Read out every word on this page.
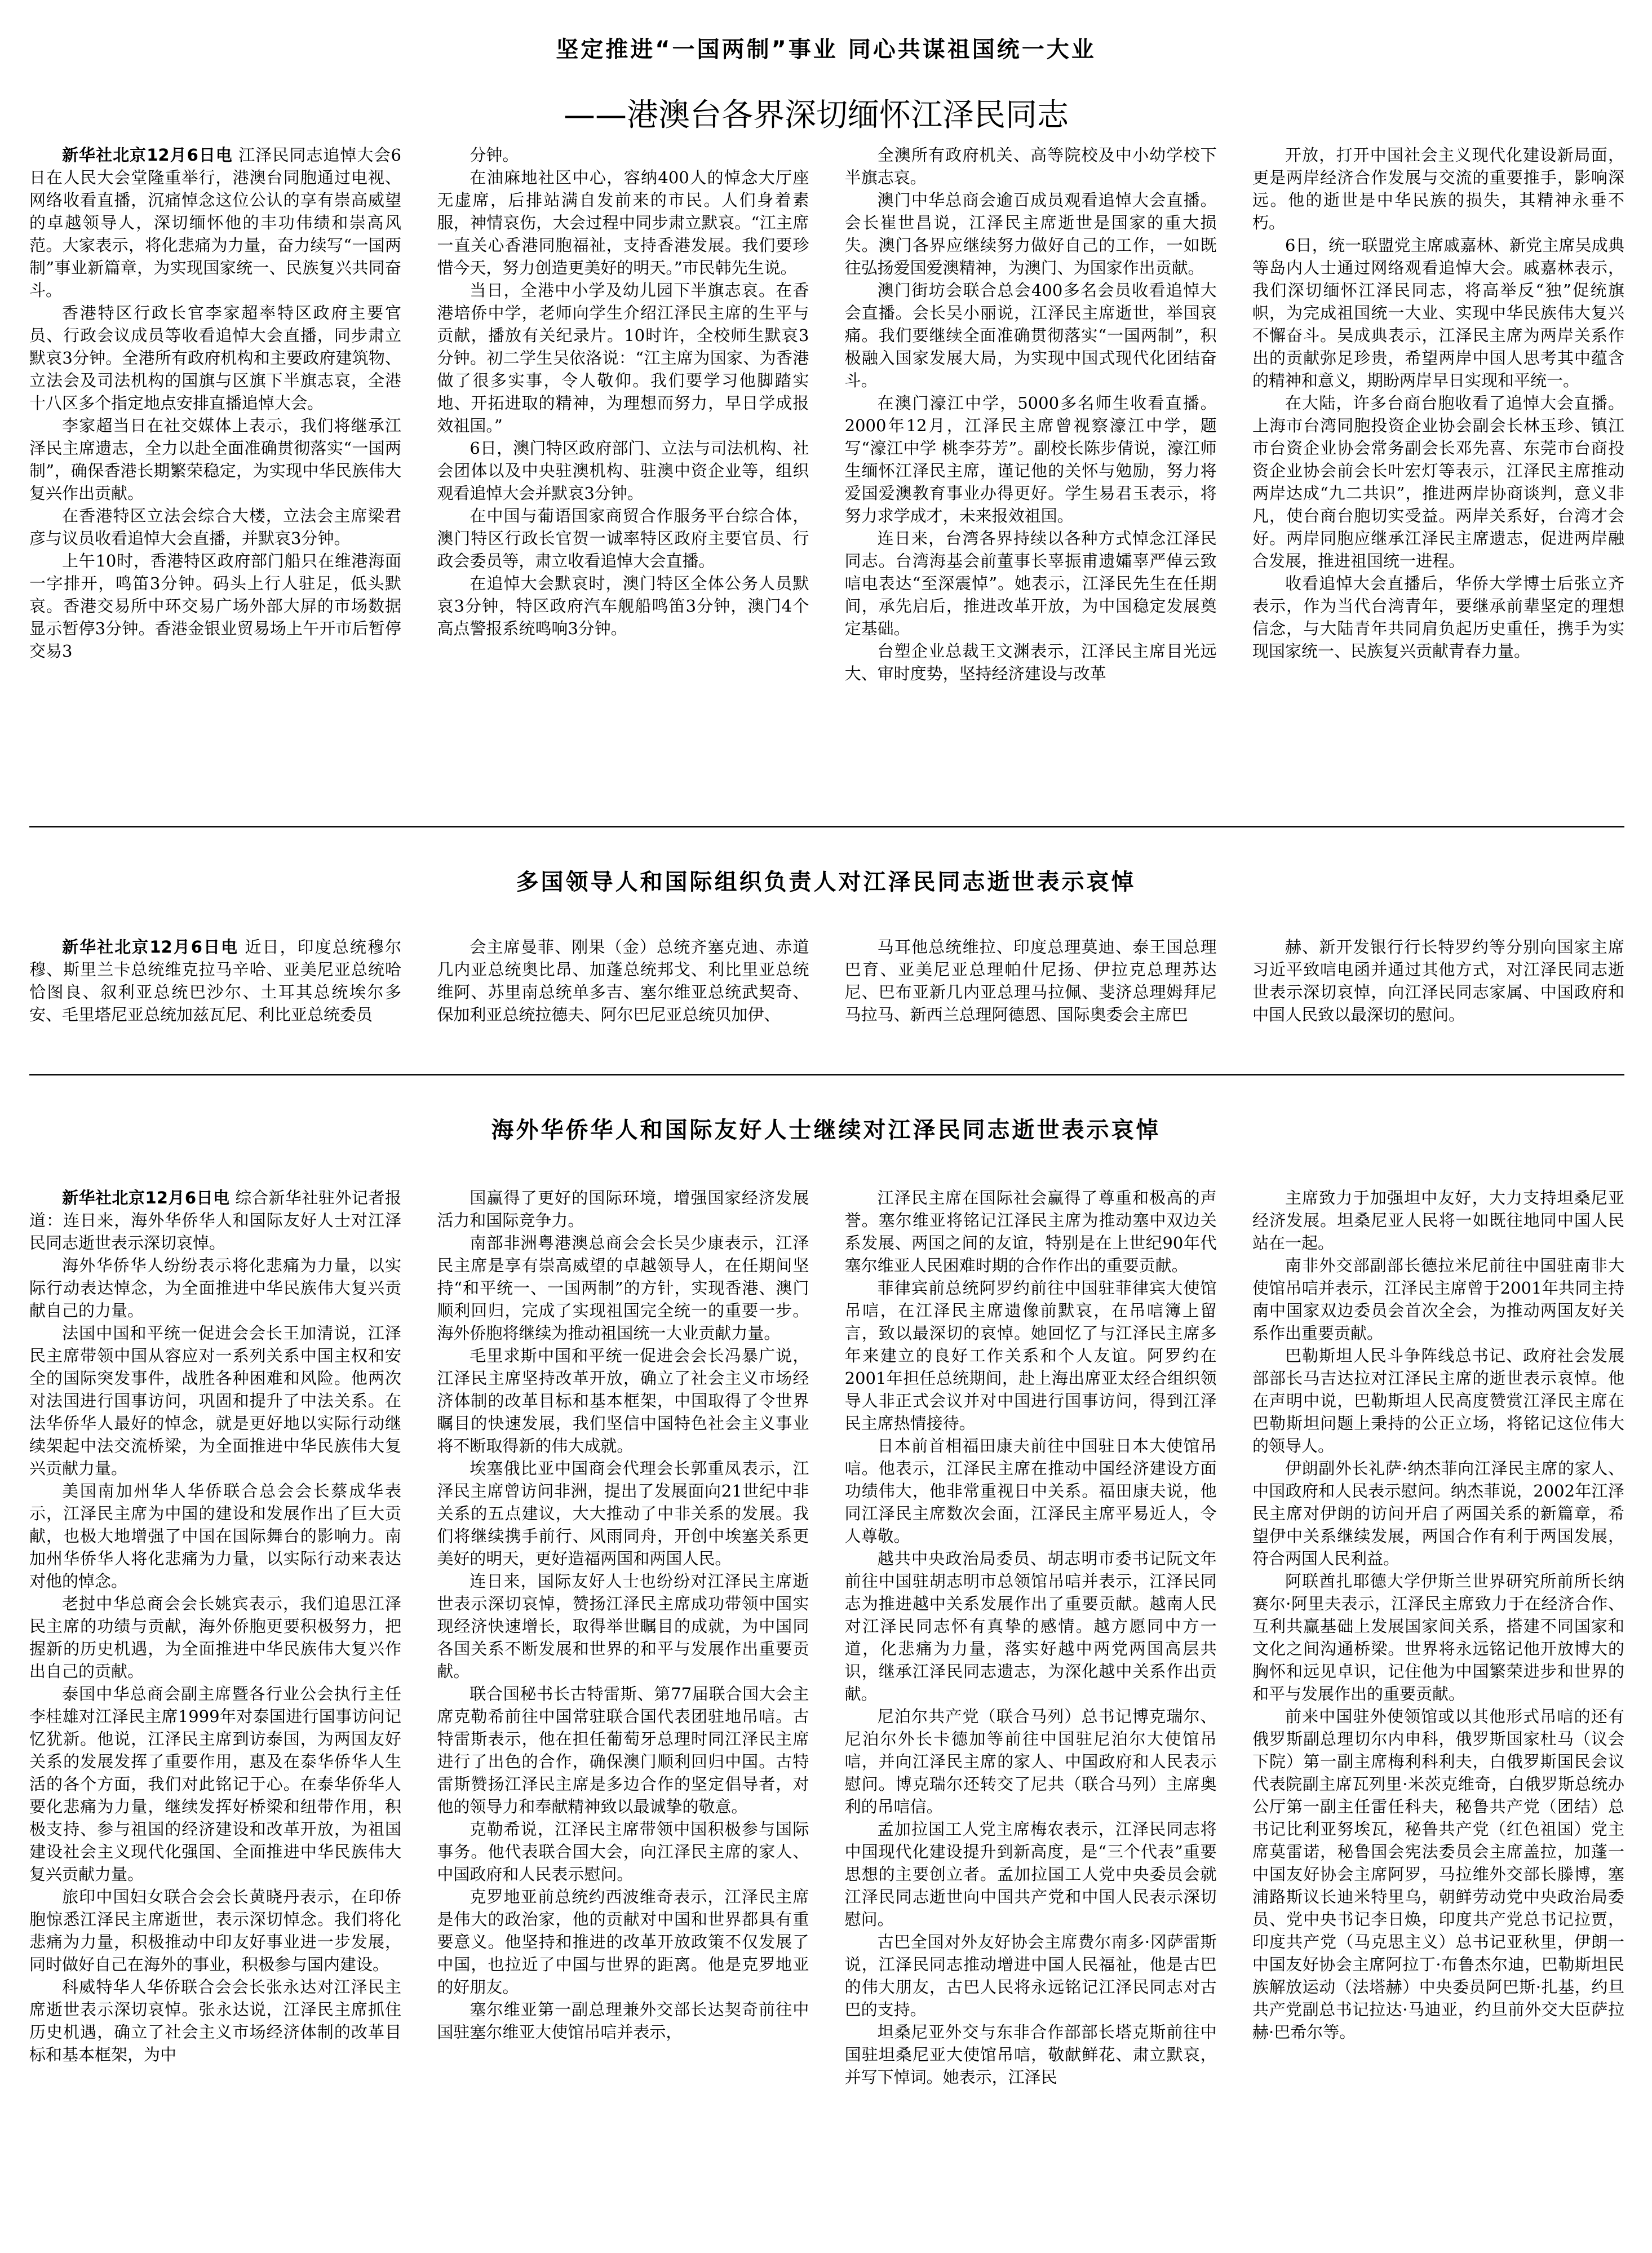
坚定推进“一国两制”事业 同心共谋祖国统一大业
——港澳台各界深切缅怀江泽民同志

新华社北京12月6日电 江泽民同志追悼大会6日在人民大会堂隆重举行，港澳台同胞通过电视、网络收看直播，沉痛悼念这位公认的享有崇高威望的卓越领导人，深切缅怀他的丰功伟绩和崇高风范。大家表示，将化悲痛为力量，奋力续写“一国两制”事业新篇章，为实现国家统一、民族复兴共同奋斗。

香港特区行政长官李家超率特区政府主要官员、行政会议成员等收看追悼大会直播，同步肃立默哀3分钟。全港所有政府机构和主要政府建筑物、立法会及司法机构的国旗与区旗下半旗志哀，全港十八区多个指定地点安排直播追悼大会。

李家超当日在社交媒体上表示，我们将继承江泽民主席遗志，全力以赴全面准确贯彻落实“一国两制”，确保香港长期繁荣稳定，为实现中华民族伟大复兴作出贡献。

在香港特区立法会综合大楼，立法会主席梁君彦与议员收看追悼大会直播，并默哀3分钟。

上午10时，香港特区政府部门船只在维港海面一字排开，鸣笛3分钟。码头上行人驻足，低头默哀。香港交易所中环交易广场外部大屏的市场数据显示暂停3分钟。香港金银业贸易场上午开市后暂停交易3

分钟。

在油麻地社区中心，容纳400人的悼念大厅座无虚席，后排站满自发前来的市民。人们身着素服，神情哀伤，大会过程中同步肃立默哀。“江主席一直关心香港同胞福祉，支持香港发展。我们要珍惜今天，努力创造更美好的明天。”市民韩先生说。

当日，全港中小学及幼儿园下半旗志哀。在香港培侨中学，老师向学生介绍江泽民主席的生平与贡献，播放有关纪录片。10时许，全校师生默哀3分钟。初二学生吴依洛说：“江主席为国家、为香港做了很多实事，令人敬仰。我们要学习他脚踏实地、开拓进取的精神，为理想而努力，早日学成报效祖国。”

6日，澳门特区政府部门、立法与司法机构、社会团体以及中央驻澳机构、驻澳中资企业等，组织观看追悼大会并默哀3分钟。

在中国与葡语国家商贸合作服务平台综合体，澳门特区行政长官贺一诚率特区政府主要官员、行政会委员等，肃立收看追悼大会直播。

在追悼大会默哀时，澳门特区全体公务人员默哀3分钟，特区政府汽车舰船鸣笛3分钟，澳门4个高点警报系统鸣响3分钟。

全澳所有政府机关、高等院校及中小幼学校下半旗志哀。

澳门中华总商会逾百成员观看追悼大会直播。会长崔世昌说，江泽民主席逝世是国家的重大损失。澳门各界应继续努力做好自己的工作，一如既往弘扬爱国爱澳精神，为澳门、为国家作出贡献。

澳门街坊会联合总会400多名会员收看追悼大会直播。会长吴小丽说，江泽民主席逝世，举国哀痛。我们要继续全面准确贯彻落实“一国两制”，积极融入国家发展大局，为实现中国式现代化团结奋斗。

在澳门濠江中学，5000多名师生收看直播。2000年12月，江泽民主席曾视察濠江中学，题写“濠江中学 桃李芬芳”。副校长陈步倩说，濠江师生缅怀江泽民主席，谨记他的关怀与勉励，努力将爱国爱澳教育事业办得更好。学生易君玉表示，将努力求学成才，未来报效祖国。

连日来，台湾各界持续以各种方式悼念江泽民同志。台湾海基会前董事长辜振甫遗孀辜严倬云致唁电表达“至深震悼”。她表示，江泽民先生在任期间，承先启后，推进改革开放，为中国稳定发展奠定基础。

台塑企业总裁王文渊表示，江泽民主席目光远大、审时度势，坚持经济建设与改革

开放，打开中国社会主义现代化建设新局面，更是两岸经济合作发展与交流的重要推手，影响深远。他的逝世是中华民族的损失，其精神永垂不朽。

6日，统一联盟党主席戚嘉林、新党主席吴成典等岛内人士通过网络观看追悼大会。戚嘉林表示，我们深切缅怀江泽民同志，将高举反“独”促统旗帜，为完成祖国统一大业、实现中华民族伟大复兴不懈奋斗。吴成典表示，江泽民主席为两岸关系作出的贡献弥足珍贵，希望两岸中国人思考其中蕴含的精神和意义，期盼两岸早日实现和平统一。

在大陆，许多台商台胞收看了追悼大会直播。上海市台湾同胞投资企业协会副会长林玉珍、镇江市台资企业协会常务副会长邓先喜、东莞市台商投资企业协会前会长叶宏灯等表示，江泽民主席推动两岸达成“九二共识”，推进两岸协商谈判，意义非凡，使台商台胞切实受益。两岸关系好，台湾才会好。两岸同胞应继承江泽民主席遗志，促进两岸融合发展，推进祖国统一进程。

收看追悼大会直播后，华侨大学博士后张立齐表示，作为当代台湾青年，要继承前辈坚定的理想信念，与大陆青年共同肩负起历史重任，携手为实现国家统一、民族复兴贡献青春力量。

多国领导人和国际组织负责人对江泽民同志逝世表示哀悼

新华社北京12月6日电 近日，印度总统穆尔穆、斯里兰卡总统维克拉马辛哈、亚美尼亚总统哈恰图良、叙利亚总统巴沙尔、土耳其总统埃尔多安、毛里塔尼亚总统加兹瓦尼、利比亚总统委员

会主席曼菲、刚果（金）总统齐塞克迪、赤道几内亚总统奥比昂、加蓬总统邦戈、利比里亚总统维阿、苏里南总统单多吉、塞尔维亚总统武契奇、保加利亚总统拉德夫、阿尔巴尼亚总统贝加伊、

马耳他总统维拉、印度总理莫迪、泰王国总理巴育、亚美尼亚总理帕什尼扬、伊拉克总理苏达尼、巴布亚新几内亚总理马拉佩、斐济总理姆拜尼马拉马、新西兰总理阿德恩、国际奥委会主席巴

赫、新开发银行行长特罗约等分别向国家主席习近平致唁电函并通过其他方式，对江泽民同志逝世表示深切哀悼，向江泽民同志家属、中国政府和中国人民致以最深切的慰问。

海外华侨华人和国际友好人士继续对江泽民同志逝世表示哀悼

新华社北京12月6日电 综合新华社驻外记者报道：连日来，海外华侨华人和国际友好人士对江泽民同志逝世表示深切哀悼。

海外华侨华人纷纷表示将化悲痛为力量，以实际行动表达悼念，为全面推进中华民族伟大复兴贡献自己的力量。

法国中国和平统一促进会会长王加清说，江泽民主席带领中国从容应对一系列关系中国主权和安全的国际突发事件，战胜各种困难和风险。他两次对法国进行国事访问，巩固和提升了中法关系。在法华侨华人最好的悼念，就是更好地以实际行动继续架起中法交流桥梁，为全面推进中华民族伟大复兴贡献力量。

美国南加州华人华侨联合总会会长蔡成华表示，江泽民主席为中国的建设和发展作出了巨大贡献，也极大地增强了中国在国际舞台的影响力。南加州华侨华人将化悲痛为力量，以实际行动来表达对他的悼念。

老挝中华总商会会长姚宾表示，我们追思江泽民主席的功绩与贡献，海外侨胞更要积极努力，把握新的历史机遇，为全面推进中华民族伟大复兴作出自己的贡献。

泰国中华总商会副主席暨各行业公会执行主任李桂雄对江泽民主席1999年对泰国进行国事访问记忆犹新。他说，江泽民主席到访泰国，为两国友好关系的发展发挥了重要作用，惠及在泰华侨华人生活的各个方面，我们对此铭记于心。在泰华侨华人要化悲痛为力量，继续发挥好桥梁和纽带作用，积极支持、参与祖国的经济建设和改革开放，为祖国建设社会主义现代化强国、全面推进中华民族伟大复兴贡献力量。

旅印中国妇女联合会会长黄晓丹表示，在印侨胞惊悉江泽民主席逝世，表示深切悼念。我们将化悲痛为力量，积极推动中印友好事业进一步发展，同时做好自己在海外的事业，积极参与国内建设。

科威特华人华侨联合会会长张永达对江泽民主席逝世表示深切哀悼。张永达说，江泽民主席抓住历史机遇，确立了社会主义市场经济体制的改革目标和基本框架，为中

国赢得了更好的国际环境，增强国家经济发展活力和国际竞争力。

南部非洲粤港澳总商会会长吴少康表示，江泽民主席是享有崇高威望的卓越领导人，在任期间坚持“和平统一、一国两制”的方针，实现香港、澳门顺利回归，完成了实现祖国完全统一的重要一步。海外侨胞将继续为推动祖国统一大业贡献力量。

毛里求斯中国和平统一促进会会长冯暴广说，江泽民主席坚持改革开放，确立了社会主义市场经济体制的改革目标和基本框架，中国取得了令世界瞩目的快速发展，我们坚信中国特色社会主义事业将不断取得新的伟大成就。

埃塞俄比亚中国商会代理会长郭重凤表示，江泽民主席曾访问非洲，提出了发展面向21世纪中非关系的五点建议，大大推动了中非关系的发展。我们将继续携手前行、风雨同舟，开创中埃塞关系更美好的明天，更好造福两国和两国人民。

连日来，国际友好人士也纷纷对江泽民主席逝世表示深切哀悼，赞扬江泽民主席成功带领中国实现经济快速增长，取得举世瞩目的成就，为中国同各国关系不断发展和世界的和平与发展作出重要贡献。

联合国秘书长古特雷斯、第77届联合国大会主席克勒希前往中国常驻联合国代表团驻地吊唁。古特雷斯表示，他在担任葡萄牙总理时同江泽民主席进行了出色的合作，确保澳门顺利回归中国。古特雷斯赞扬江泽民主席是多边合作的坚定倡导者，对他的领导力和奉献精神致以最诚挚的敬意。

克勒希说，江泽民主席带领中国积极参与国际事务。他代表联合国大会，向江泽民主席的家人、中国政府和人民表示慰问。

克罗地亚前总统约西波维奇表示，江泽民主席是伟大的政治家，他的贡献对中国和世界都具有重要意义。他坚持和推进的改革开放政策不仅发展了中国，也拉近了中国与世界的距离。他是克罗地亚的好朋友。

塞尔维亚第一副总理兼外交部长达契奇前往中国驻塞尔维亚大使馆吊唁并表示，

江泽民主席在国际社会赢得了尊重和极高的声誉。塞尔维亚将铭记江泽民主席为推动塞中双边关系发展、两国之间的友谊，特别是在上世纪90年代塞尔维亚人民困难时期的合作作出的重要贡献。

菲律宾前总统阿罗约前往中国驻菲律宾大使馆吊唁，在江泽民主席遗像前默哀，在吊唁簿上留言，致以最深切的哀悼。她回忆了与江泽民主席多年来建立的良好工作关系和个人友谊。阿罗约在2001年担任总统期间，赴上海出席亚太经合组织领导人非正式会议并对中国进行国事访问，得到江泽民主席热情接待。

日本前首相福田康夫前往中国驻日本大使馆吊唁。他表示，江泽民主席在推动中国经济建设方面功绩伟大，他非常重视日中关系。福田康夫说，他同江泽民主席数次会面，江泽民主席平易近人，令人尊敬。

越共中央政治局委员、胡志明市委书记阮文年前往中国驻胡志明市总领馆吊唁并表示，江泽民同志为推进越中关系发展作出了重要贡献。越南人民对江泽民同志怀有真挚的感情。越方愿同中方一道，化悲痛为力量，落实好越中两党两国高层共识，继承江泽民同志遗志，为深化越中关系作出贡献。

尼泊尔共产党（联合马列）总书记博克瑞尔、尼泊尔外长卡德加等前往中国驻尼泊尔大使馆吊唁，并向江泽民主席的家人、中国政府和人民表示慰问。博克瑞尔还转交了尼共（联合马列）主席奥利的吊唁信。

孟加拉国工人党主席梅农表示，江泽民同志将中国现代化建设提升到新高度，是“三个代表”重要思想的主要创立者。孟加拉国工人党中央委员会就江泽民同志逝世向中国共产党和中国人民表示深切慰问。

古巴全国对外友好协会主席费尔南多·冈萨雷斯说，江泽民同志推动增进中国人民福祉，他是古巴的伟大朋友，古巴人民将永远铭记江泽民同志对古巴的支持。

坦桑尼亚外交与东非合作部部长塔克斯前往中国驻坦桑尼亚大使馆吊唁，敬献鲜花、肃立默哀，并写下悼词。她表示，江泽民

主席致力于加强坦中友好，大力支持坦桑尼亚经济发展。坦桑尼亚人民将一如既往地同中国人民站在一起。

南非外交部副部长德拉米尼前往中国驻南非大使馆吊唁并表示，江泽民主席曾于2001年共同主持南中国家双边委员会首次全会，为推动两国友好关系作出重要贡献。

巴勒斯坦人民斗争阵线总书记、政府社会发展部部长马吉达拉对江泽民主席的逝世表示哀悼。他在声明中说，巴勒斯坦人民高度赞赏江泽民主席在巴勒斯坦问题上秉持的公正立场，将铭记这位伟大的领导人。

伊朗副外长礼萨·纳杰菲向江泽民主席的家人、中国政府和人民表示慰问。纳杰菲说，2002年江泽民主席对伊朗的访问开启了两国关系的新篇章，希望伊中关系继续发展，两国合作有利于两国发展，符合两国人民利益。

阿联酋扎耶德大学伊斯兰世界研究所前所长纳赛尔·阿里夫表示，江泽民主席致力于在经济合作、互利共赢基础上发展国家间关系，搭建不同国家和文化之间沟通桥梁。世界将永远铭记他开放博大的胸怀和远见卓识，记住他为中国繁荣进步和世界的和平与发展作出的重要贡献。

前来中国驻外使领馆或以其他形式吊唁的还有俄罗斯副总理切尔内申科，俄罗斯国家杜马（议会下院）第一副主席梅利科利夫，白俄罗斯国民会议代表院副主席瓦列里·米茨克维奇，白俄罗斯总统办公厅第一副主任雷任科夫，秘鲁共产党（团结）总书记比利亚努埃瓦，秘鲁共产党（红色祖国）党主席莫雷诺，秘鲁国会宪法委员会主席盖拉，加蓬一中国友好协会主席阿罗，马拉维外交部长滕博，塞浦路斯议长迪米特里乌，朝鲜劳动党中央政治局委员、党中央书记李日焕，印度共产党总书记拉贾，印度共产党（马克思主义）总书记亚秋里，伊朗一中国友好协会主席阿拉丁·布鲁杰尔迪，巴勒斯坦民族解放运动（法塔赫）中央委员阿巴斯·扎基，约旦共产党副总书记拉达·马迪亚，约旦前外交大臣萨拉赫·巴希尔等。
